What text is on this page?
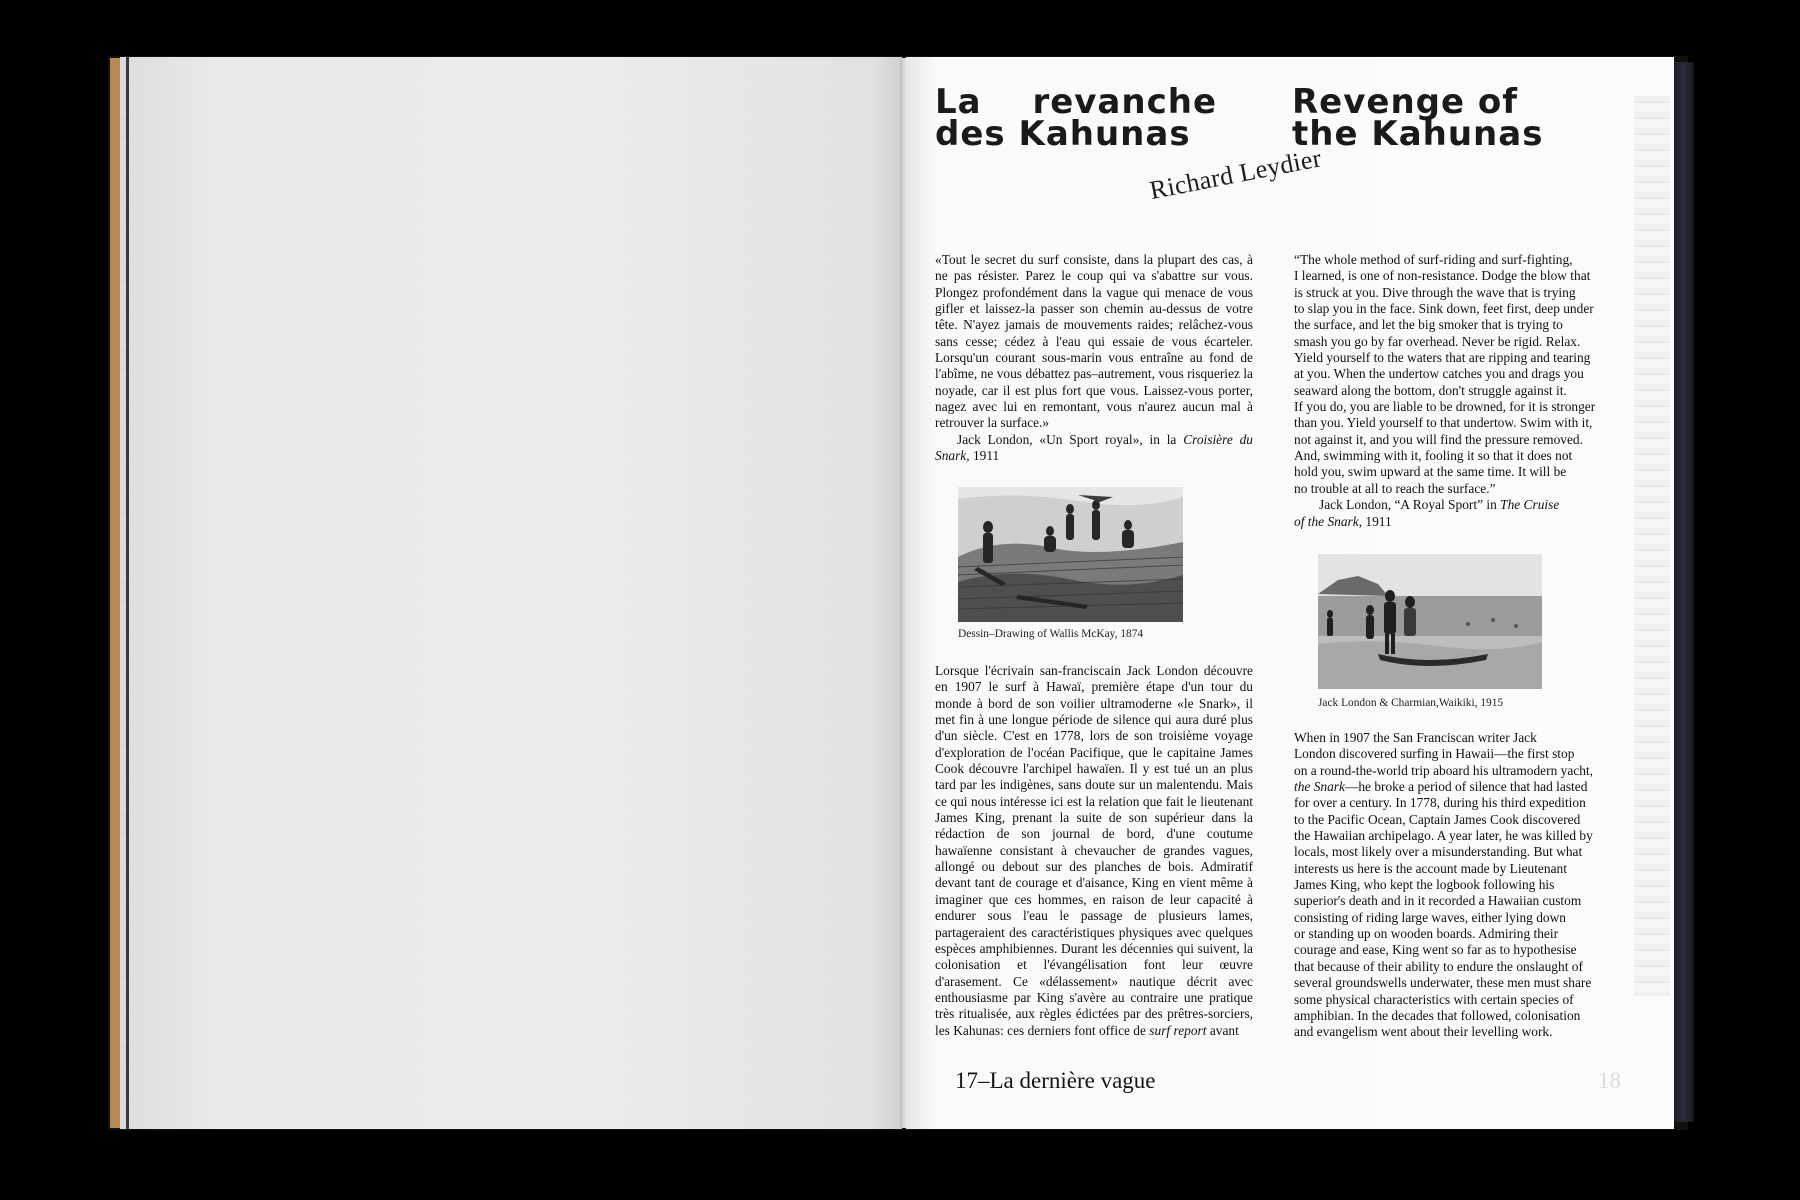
La revanche
des Kahunas
Revenge of
the Kahunas
Richard Leydier

«Tout le secret du surf consiste, dans la plupart des cas, à ne pas résister. Parez le coup qui va s'abattre sur vous. Plongez profondément dans la vague qui menace de vous gifler et laissez-la passer son chemin au-dessus de votre tête. N'ayez jamais de mouvements raides; relâchez-vous sans cesse; cédez à l'eau qui essaie de vous écarteler. Lorsqu'un courant sous-marin vous entraîne au fond de l'abîme, ne vous débattez pas–autrement, vous risqueriez la noyade, car il est plus fort que vous. Laissez-vous porter, nagez avec lui en remontant, vous n'aurez aucun mal à retrouver la surface.»

Jack London, «Un Sport royal», in la Croisière du Snark, 1911

“The whole method of surf-riding and surf-fighting,
I learned, is one of non-resistance. Dodge the blow that
is struck at you. Dive through the wave that is trying
to slap you in the face. Sink down, feet first, deep under
the surface, and let the big smoker that is trying to
smash you go by far overhead. Never be rigid. Relax.
Yield yourself to the waters that are ripping and tearing
at you. When the undertow catches you and drags you
seaward along the bottom, don't struggle against it.
If you do, you are liable to be drowned, for it is stronger
than you. Yield yourself to that undertow. Swim with it,
not against it, and you will find the pressure removed.
And, swimming with it, fooling it so that it does not
hold you, swim upward at the same time. It will be
no trouble at all to reach the surface.”

Jack London, “A Royal Sport” in The Cruise

of the Snark, 1911

Dessin–Drawing of Wallis McKay, 1874
Jack London & Charmian,Waikiki, 1915

Lorsque l'écrivain san-franciscain Jack London découvre en 1907 le surf à Hawaï, première étape d'un tour du monde à bord de son voilier ultramoderne «le Snark», il met fin à une longue période de silence qui aura duré plus d'un siècle. C'est en 1778, lors de son troisième voyage d'exploration de l'océan Pacifique, que le capitaine James Cook découvre l'archipel hawaïen. Il y est tué un an plus tard par les indigènes, sans doute sur un malentendu. Mais ce qui nous intéresse ici est la relation que fait le lieutenant James King, prenant la suite de son supérieur dans la rédaction de son journal de bord, d'une coutume hawaïenne consistant à chevaucher de grandes vagues, allongé ou debout sur des planches de bois. Admiratif devant tant de courage et d'aisance, King en vient même à imaginer que ces hommes, en raison de leur capacité à endurer sous l'eau le passage de plusieurs lames, partageraient des caractéristiques physiques avec quelques espèces amphibiennes. Durant les décennies qui suivent, la colonisation et l'évangélisation font leur œuvre d'arasement. Ce «délassement» nautique décrit avec enthousiasme par King s'avère au contraire une pratique très ritualisée, aux règles édictées par des prêtres-sorciers, les Kahunas: ces derniers font office de surf report avant

When in 1907 the San Franciscan writer Jack
London discovered surfing in Hawaii—the first stop
on a round-the-world trip aboard his ultramodern yacht,
the Snark—he broke a period of silence that had lasted
for over a century. In 1778, during his third expedition
to the Pacific Ocean, Captain James Cook discovered
the Hawaiian archipelago. A year later, he was killed by
locals, most likely over a misunderstanding. But what
interests us here is the account made by Lieutenant
James King, who kept the logbook following his
superior's death and in it recorded a Hawaiian custom
consisting of riding large waves, either lying down
or standing up on wooden boards. Admiring their
courage and ease, King went so far as to hypothesise
that because of their ability to endure the onslaught of
several groundswells underwater, these men must share
some physical characteristics with certain species of
amphibian. In the decades that followed, colonisation
and evangelism went about their levelling work.
17–La dernière vague	18
